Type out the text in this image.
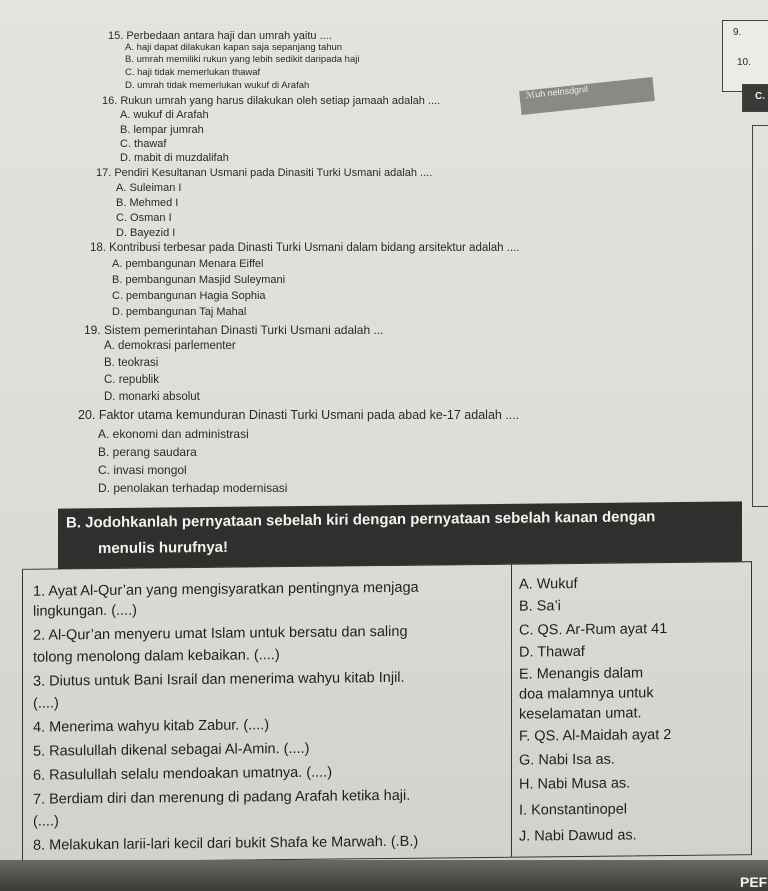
9.
10.
C.
ℳuh nelnsdgnil
15. Perbedaan antara haji dan umrah yaitu ....
A. haji dapat dilakukan kapan saja sepanjang tahun
B. umrah memiliki rukun yang lebih sedikit daripada haji
C. haji tidak memerlukan thawaf
D. umrah tidak memerlukan wukuf di Arafah
16. Rukun umrah yang harus dilakukan oleh setiap jamaah adalah ....
A. wukuf di Arafah
B. lempar jumrah
C. thawaf
D. mabit di muzdalifah
17. Pendiri Kesultanan Usmani pada Dinasiti Turki Usmani adalah ....
A. Suleiman I
B. Mehmed I
C. Osman I
D. Bayezid I
18. Kontribusi terbesar pada Dinasti Turki Usmani dalam bidang arsitektur adalah ....
A. pembangunan Menara Eiffel
B. pembangunan Masjid Suleymani
C. pembangunan Hagia Sophia
D. pembangunan Taj Mahal
19. Sistem pemerintahan Dinasti Turki Usmani adalah ...
A. demokrasi parlementer
B. teokrasi
C. republik
D. monarki absolut
20. Faktor utama kemunduran Dinasti Turki Usmani pada abad ke-17 adalah ....
A. ekonomi dan administrasi
B. perang saudara
C. invasi mongol
D. penolakan terhadap modernisasi
B. Jodohkanlah pernyataan sebelah kiri dengan pernyataan sebelah kanan dengan
menulis hurufnya!
1. Ayat Al-Qur’an yang mengisyaratkan pentingnya menjaga
lingkungan. (....)
2. Al-Qur’an menyeru umat Islam untuk bersatu dan saling
tolong menolong dalam kebaikan. (....)
3. Diutus untuk Bani Israil dan menerima wahyu kitab Injil.
(....)
4. Menerima wahyu kitab Zabur. (....)
5. Rasulullah dikenal sebagai Al-Amin. (....)
6. Rasulullah selalu mendoakan umatnya. (....)
7. Berdiam diri dan merenung di padang Arafah ketika haji.
(....)
8. Melakukan larii-lari kecil dari bukit Shafa ke Marwah. (.B.)
A. Wukuf
B. Sa’i
C. QS. Ar-Rum ayat 41
D. Thawaf
E. Menangis dalam
doa malamnya untuk
keselamatan umat.
F. QS. Al-Maidah ayat 2
G. Nabi Isa as.
H. Nabi Musa as.
I. Konstantinopel
J. Nabi Dawud as.
PEF
